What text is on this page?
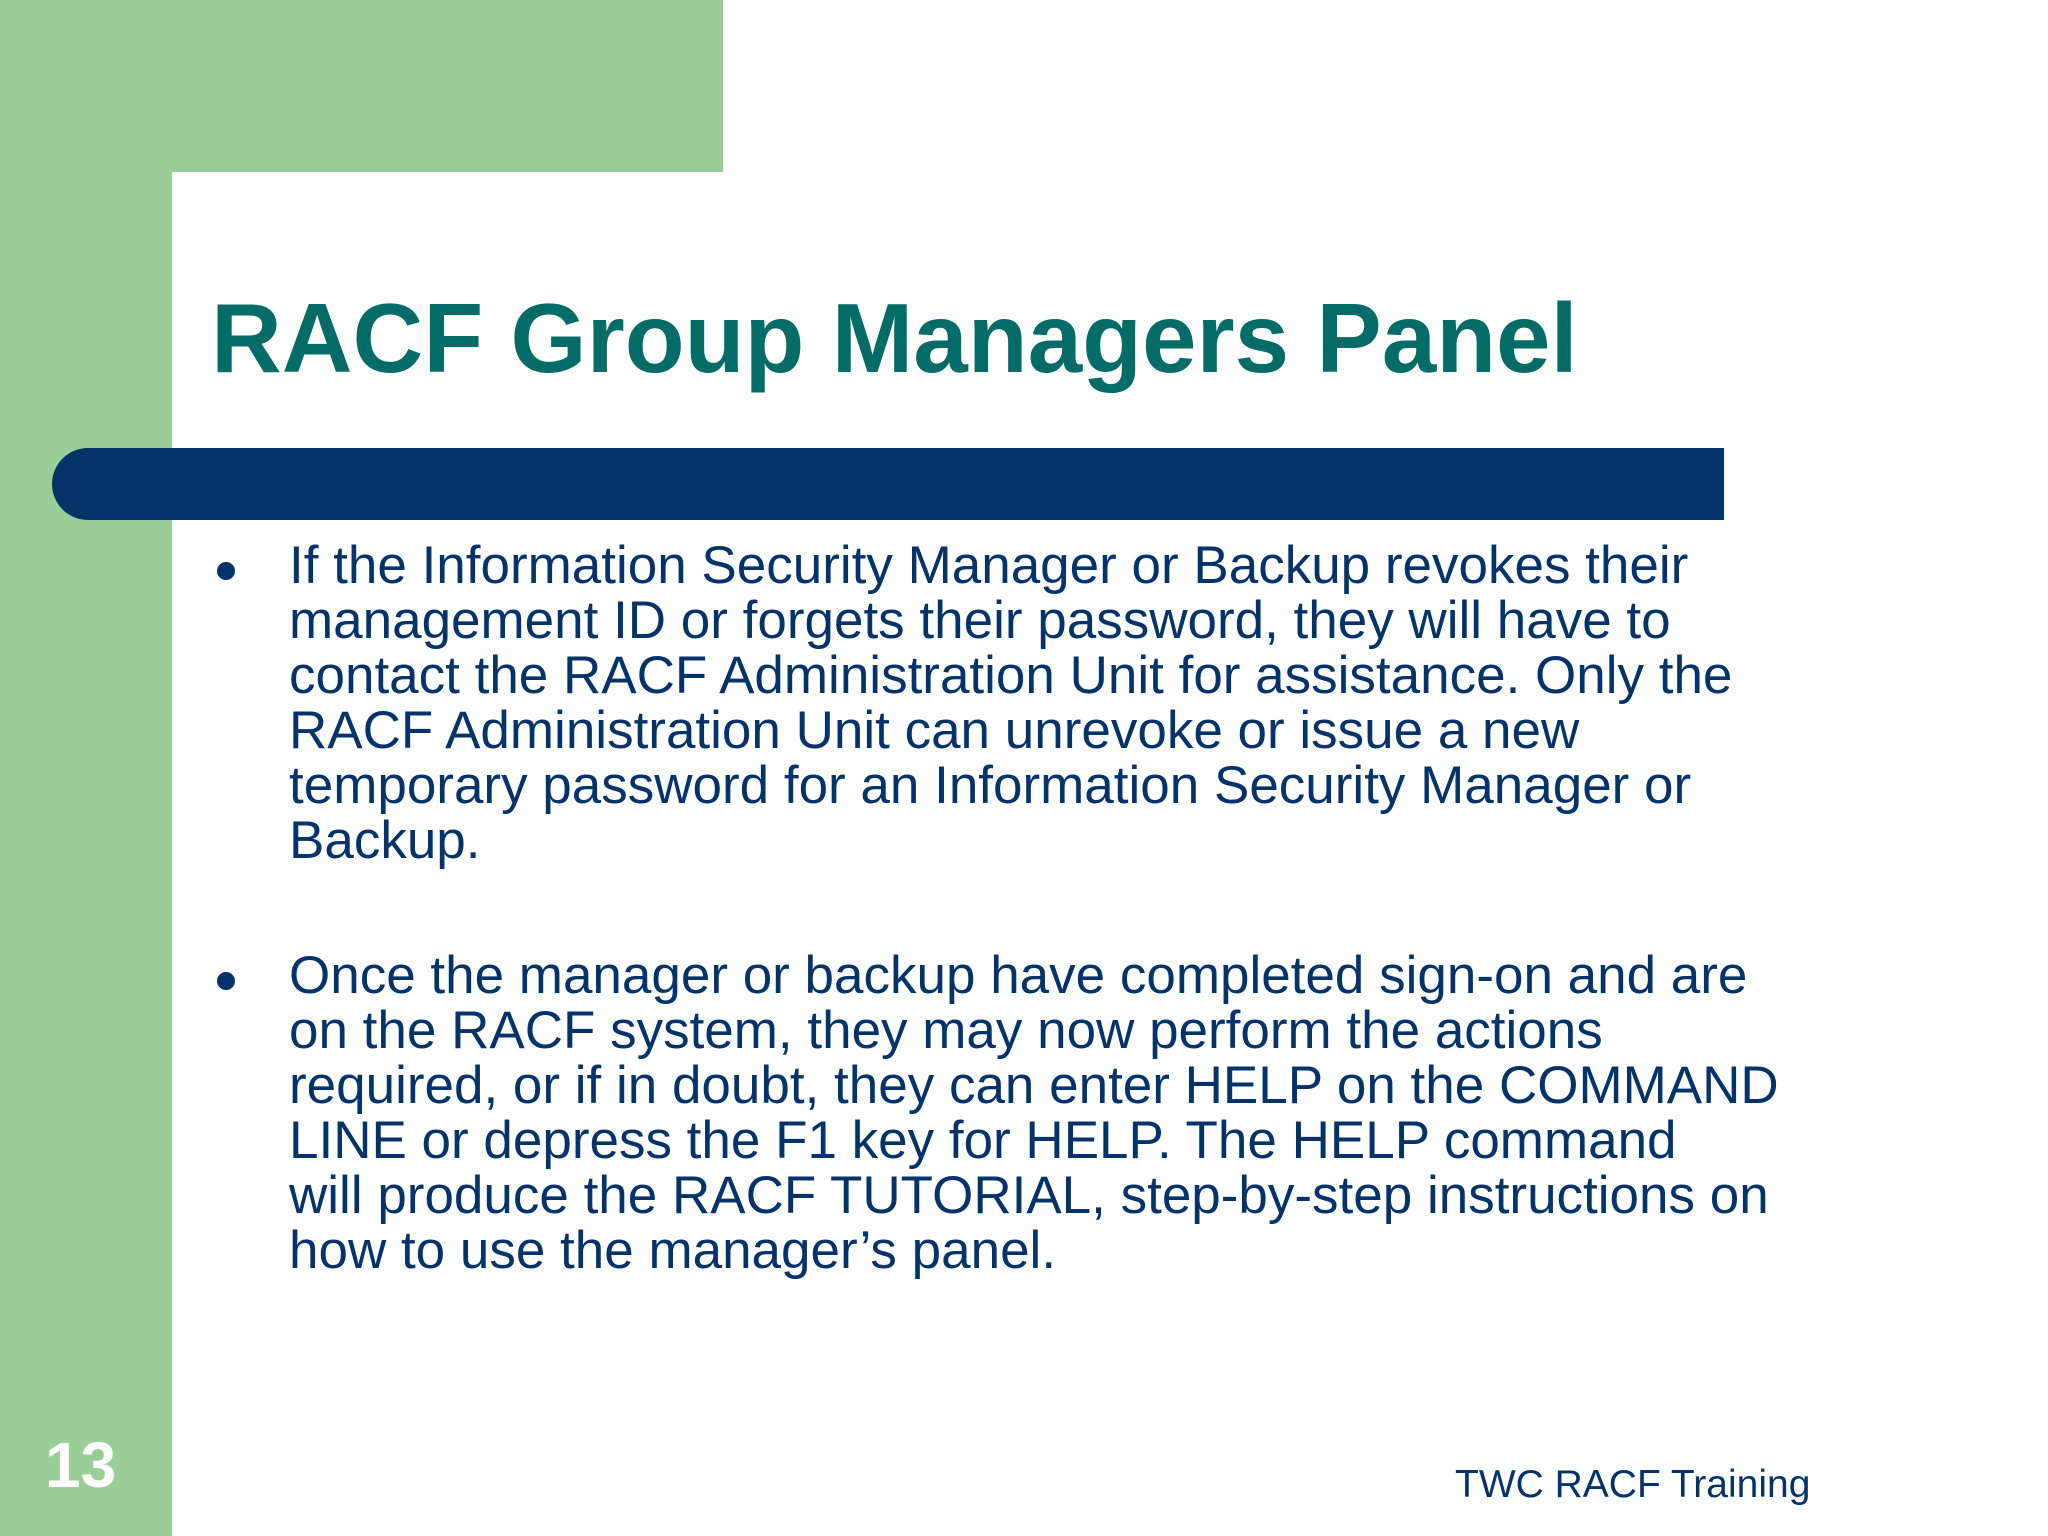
RACF Group Managers Panel
If the Information Security Manager or Backup revokes their
management ID or forgets their password, they will have to
contact the RACF Administration Unit for assistance. Only the
RACF Administration Unit can unrevoke or issue a new
temporary password for an Information Security Manager or
Backup.
Once the manager or backup have completed sign-on and are
on the RACF system, they may now perform the actions
required, or if in doubt, they can enter HELP on the COMMAND
LINE or depress the F1 key for HELP. The HELP command
will produce the RACF TUTORIAL, step-by-step instructions on
how to use the manager’s panel.
13	TWC RACF Training
